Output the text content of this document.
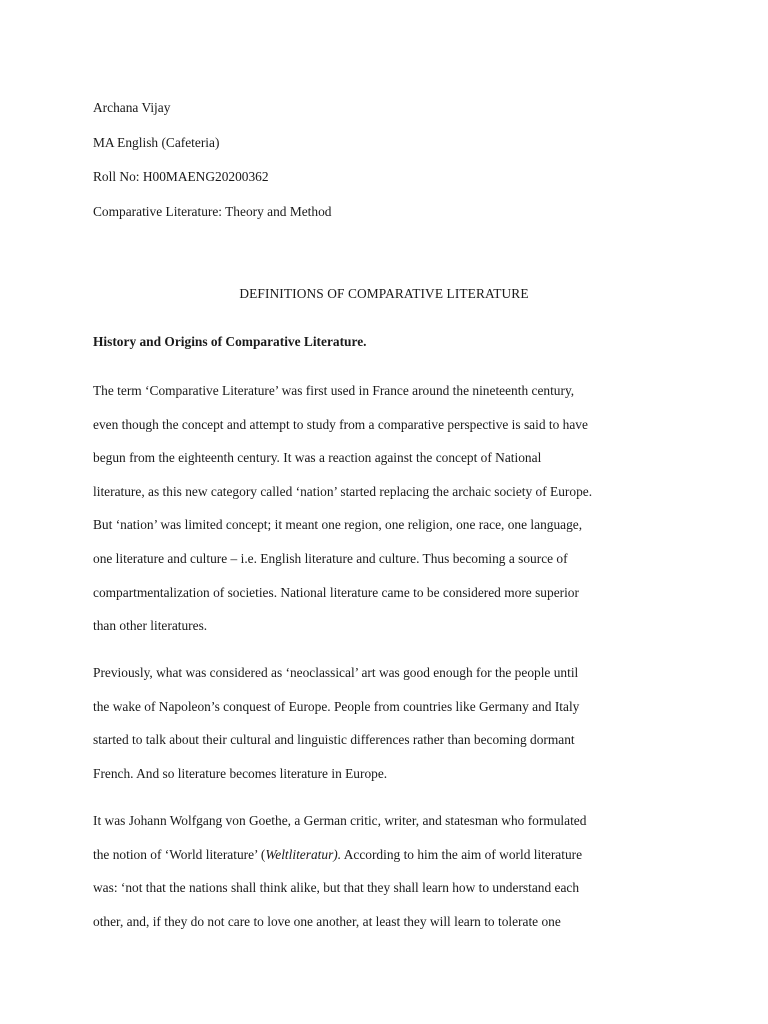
Archana Vijay

MA English (Cafeteria)

Roll No: H00MAENG20200362

Comparative Literature: Theory and Method

DEFINITIONS OF COMPARATIVE LITERATURE
History and Origins of Comparative Literature.

The term ‘Comparative Literature’ was first used in France around the nineteenth century,
even though the concept and attempt to study from a comparative perspective is said to have
begun from the eighteenth century. It was a reaction against the concept of National
literature, as this new category called ‘nation’ started replacing the archaic society of Europe.
But ‘nation’ was limited concept; it meant one region, one religion, one race, one language,
one literature and culture – i.e. English literature and culture. Thus becoming a source of
compartmentalization of societies. National literature came to be considered more superior
than other literatures.

Previously, what was considered as ‘neoclassical’ art was good enough for the people until
the wake of Napoleon’s conquest of Europe. People from countries like Germany and Italy
started to talk about their cultural and linguistic differences rather than becoming dormant
French. And so literature becomes literature in Europe.

It was Johann Wolfgang von Goethe, a German critic, writer, and statesman who formulated
the notion of ‘World literature’ (Weltliteratur). According to him the aim of world literature
was: ‘not that the nations shall think alike, but that they shall learn how to understand each
other, and, if they do not care to love one another, at least they will learn to tolerate one
